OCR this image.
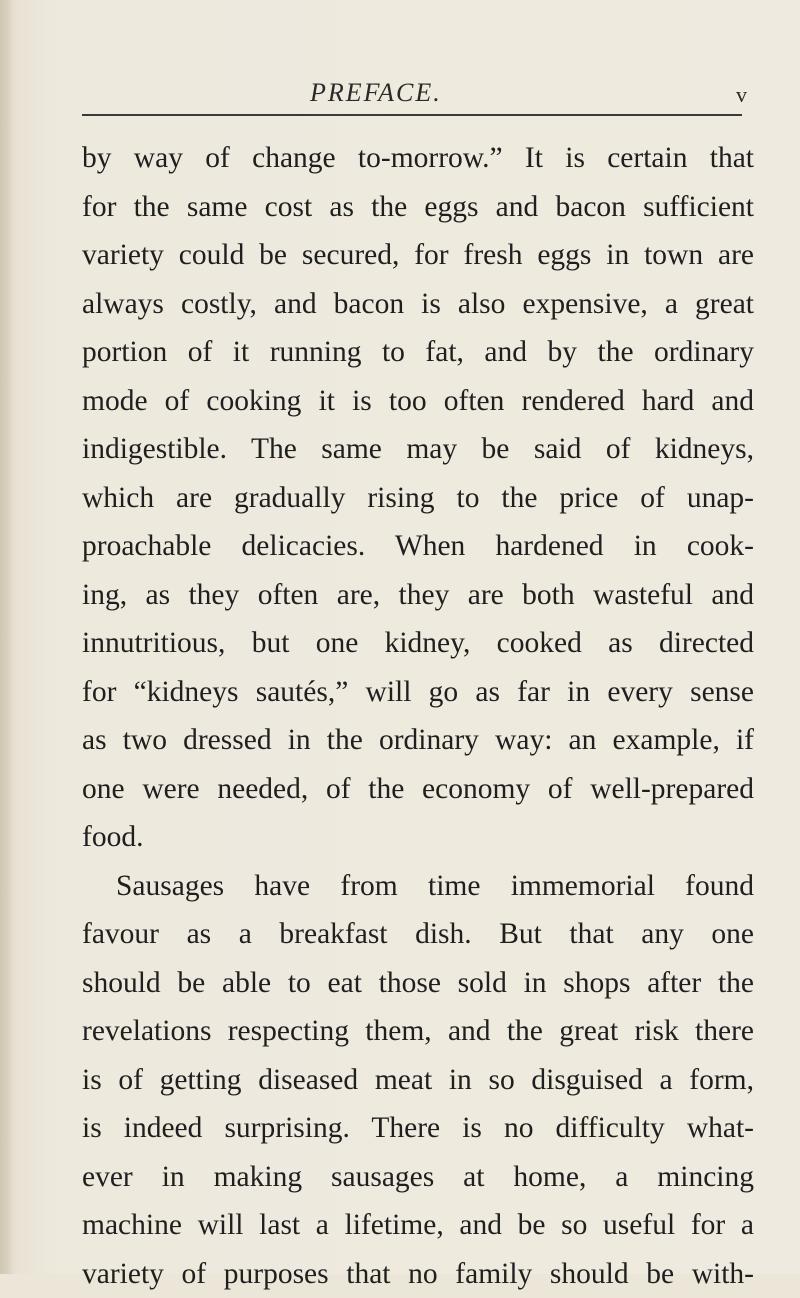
PREFACE.	v
by way of change to-morrow.” It is certain that
for the same cost as the eggs and bacon sufficient
variety could be secured, for fresh eggs in town are
always costly, and bacon is also expensive, a great
portion of it running to fat, and by the ordinary
mode of cooking it is too often rendered hard and
indigestible. The same may be said of kidneys,
which are gradually rising to the price of unap-
proachable delicacies. When hardened in cook-
ing, as they often are, they are both wasteful and
innutritious, but one kidney, cooked as directed
for “kidneys sautés,” will go as far in every sense
as two dressed in the ordinary way: an example, if
one were needed, of the economy of well-prepared
food.
Sausages have from time immemorial found
favour as a breakfast dish. But that any one
should be able to eat those sold in shops after the
revelations respecting them, and the great risk there
is of getting diseased meat in so disguised a form,
is indeed surprising. There is no difficulty what-
ever in making sausages at home, a mincing
machine will last a lifetime, and be so useful for a
variety of purposes that no family should be with-
